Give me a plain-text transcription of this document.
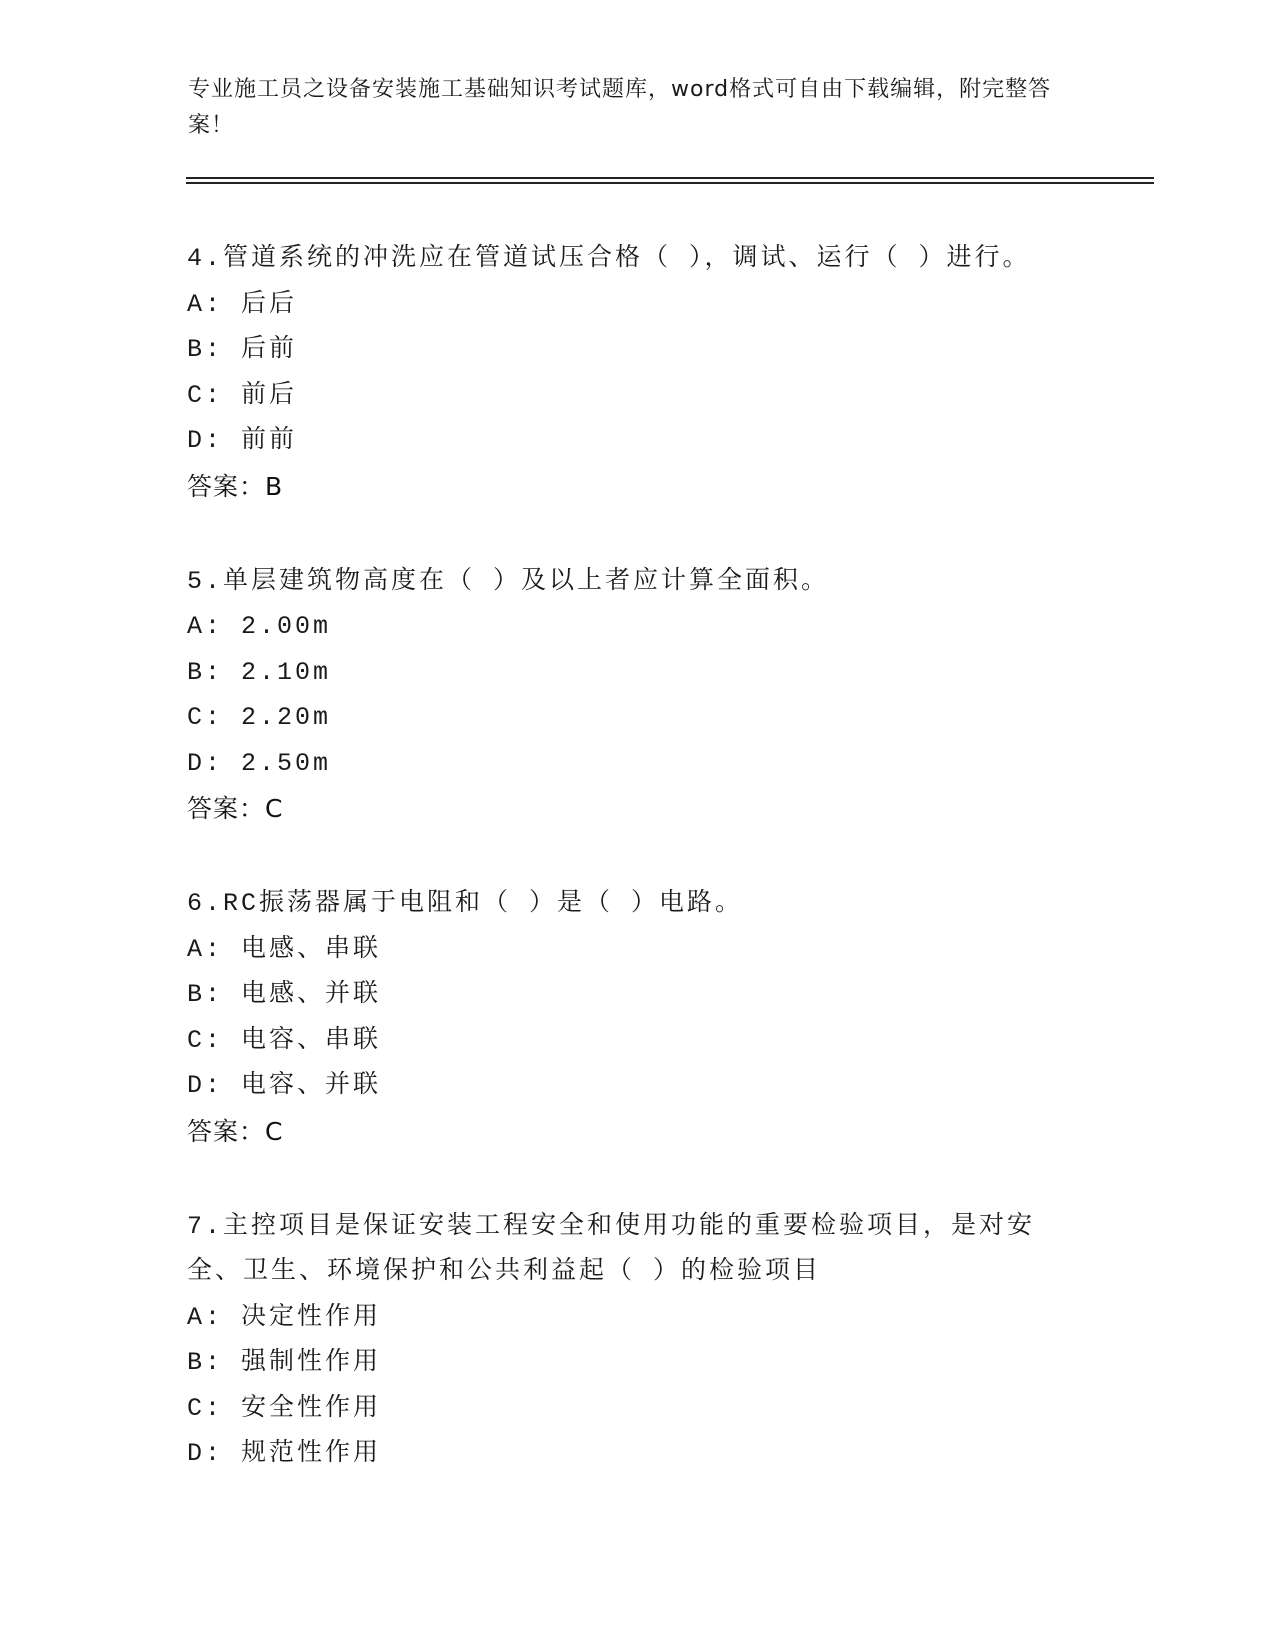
专业施工员之设备安装施工基础知识考试题库，word格式可自由下载编辑，附完整答案！
4.管道系统的冲洗应在管道试压合格（ ），调试、运行（ ）进行。
A: 后后
B: 后前
C: 前后
D: 前前
答案：B
5.单层建筑物高度在（ ）及以上者应计算全面积。
A: 2.00m
B: 2.10m
C: 2.20m
D: 2.50m
答案：C
6.RC振荡器属于电阻和（ ）是（ ）电路。
A: 电感、串联
B: 电感、并联
C: 电容、串联
D: 电容、并联
答案：C
7.主控项目是保证安装工程安全和使用功能的重要检验项目，是对安全、卫生、环境保护和公共利益起（ ）的检验项目
A: 决定性作用
B: 强制性作用
C: 安全性作用
D: 规范性作用
